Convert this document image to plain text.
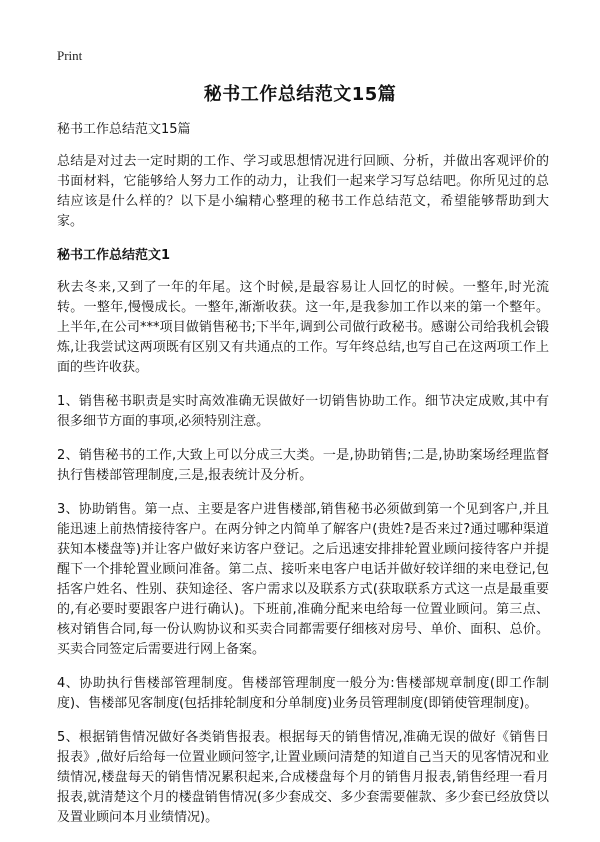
Print
秘书工作总结范文15篇

秘书工作总结范文15篇

总结是对过去一定时期的工作、学习或思想情况进行回顾、分析，并做出客观评价的书面材料，它能够给人努力工作的动力，让我们一起来学习写总结吧。你所见过的总结应该是什么样的？以下是小编精心整理的秘书工作总结范文，希望能够帮助到大家。

秘书工作总结范文1

秋去冬来,又到了一年的年尾。这个时候,是最容易让人回忆的时候。一整年,时光流转。一整年,慢慢成长。一整年,渐渐收获。这一年,是我参加工作以来的第一个整年。上半年,在公司***项目做销售秘书;下半年,调到公司做行政秘书。感谢公司给我机会锻炼,让我尝试这两项既有区别又有共通点的工作。写年终总结,也写自己在这两项工作上面的些许收获。

1、销售秘书职责是实时高效准确无误做好一切销售协助工作。细节决定成败,其中有很多细节方面的事项,必须特别注意。

2、销售秘书的工作,大致上可以分成三大类。一是,协助销售;二是,协助案场经理监督执行售楼部管理制度,三是,报表统计及分析。

3、协助销售。第一点、主要是客户进售楼部,销售秘书必须做到第一个见到客户,并且能迅速上前热情接待客户。在两分钟之内简单了解客户(贵姓?是否来过?通过哪种渠道获知本楼盘等)并让客户做好来访客户登记。之后迅速安排排轮置业顾问接待客户并提醒下一个排轮置业顾问准备。第二点、接听来电客户电话并做好较详细的来电登记,包括客户姓名、性别、获知途径、客户需求以及联系方式(获取联系方式这一点是最重要的,有必要时要跟客户进行确认)。下班前,准确分配来电给每一位置业顾问。第三点、核对销售合同,每一份认购协议和买卖合同都需要仔细核对房号、单价、面积、总价。买卖合同签定后需要进行网上备案。

4、协助执行售楼部管理制度。售楼部管理制度一般分为:售楼部规章制度(即工作制度)、售楼部见客制度(包括排轮制度和分单制度)业务员管理制度(即销使管理制度)。

5、根据销售情况做好各类销售报表。根据每天的销售情况,准确无误的做好《销售日报表》,做好后给每一位置业顾问签字,让置业顾问清楚的知道自己当天的见客情况和业绩情况,楼盘每天的销售情况累积起来,合成楼盘每个月的销售月报表,销售经理一看月报表,就清楚这个月的楼盘销售情况(多少套成交、多少套需要催款、多少套已经放贷以及置业顾问本月业绩情况)。
